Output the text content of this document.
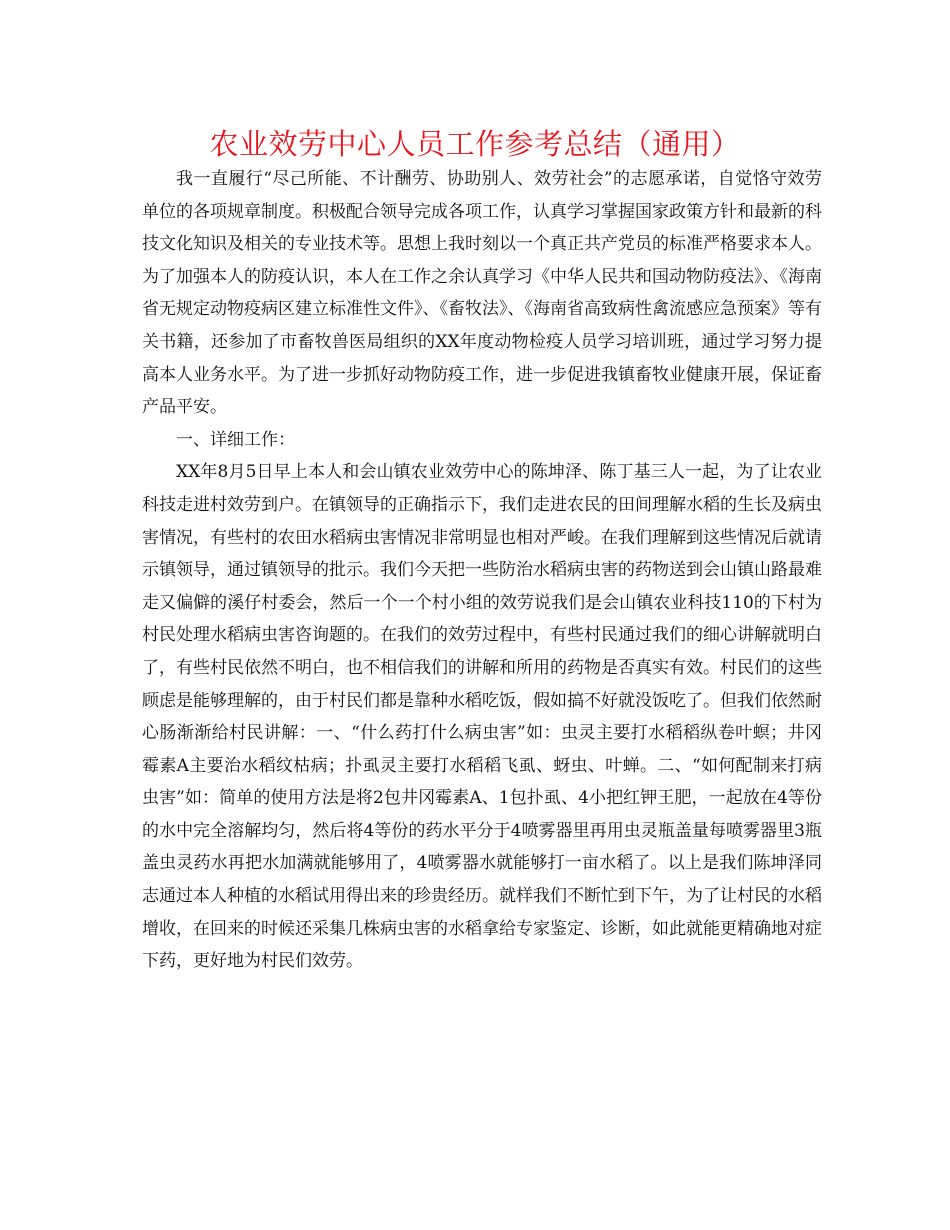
农业效劳中心人员工作参考总结（通用）

我一直履行“尽己所能、不计酬劳、协助别人、效劳社会”的志愿承诺，自觉恪守效劳单位的各项规章制度。积极配合领导完成各项工作，认真学习掌握国家政策方针和最新的科技文化知识及相关的专业技术等。思想上我时刻以一个真正共产党员的标准严格要求本人。为了加强本人的防疫认识，本人在工作之余认真学习《中华人民共和国动物防疫法》、《海南省无规定动物疫病区建立标准性文件》、《畜牧法》、《海南省高致病性禽流感应急预案》等有关书籍，还参加了市畜牧兽医局组织的XX年度动物检疫人员学习培训班，通过学习努力提高本人业务水平。为了进一步抓好动物防疫工作，进一步促进我镇畜牧业健康开展，保证畜产品平安。

一、详细工作：

XX年8月5日早上本人和会山镇农业效劳中心的陈坤泽、陈丁基三人一起，为了让农业科技走进村效劳到户。在镇领导的正确指示下，我们走进农民的田间理解水稻的生长及病虫害情况，有些村的农田水稻病虫害情况非常明显也相对严峻。在我们理解到这些情况后就请示镇领导，通过镇领导的批示。我们今天把一些防治水稻病虫害的药物送到会山镇山路最难走又偏僻的溪仔村委会，然后一个一个村小组的效劳说我们是会山镇农业科技110的下村为村民处理水稻病虫害咨询题的。在我们的效劳过程中，有些村民通过我们的细心讲解就明白了，有些村民依然不明白，也不相信我们的讲解和所用的药物是否真实有效。村民们的这些顾虑是能够理解的，由于村民们都是靠种水稻吃饭，假如搞不好就没饭吃了。但我们依然耐心肠渐渐给村民讲解：一、“什么药打什么病虫害”如：虫灵主要打水稻稻纵卷叶螟；井冈霉素A主要治水稻纹枯病；扑虱灵主要打水稻稻飞虱、蚜虫、叶蝉。二、“如何配制来打病虫害”如：简单的使用方法是将2包井冈霉素A、1包扑虱、4小把红钾王肥，一起放在4等份的水中完全溶解均匀，然后将4等份的药水平分于4喷雾器里再用虫灵瓶盖量每喷雾器里3瓶盖虫灵药水再把水加满就能够用了，4喷雾器水就能够打一亩水稻了。以上是我们陈坤泽同志通过本人种植的水稻试用得出来的珍贵经历。就样我们不断忙到下午，为了让村民的水稻增收，在回来的时候还采集几株病虫害的水稻拿给专家鉴定、诊断，如此就能更精确地对症下药，更好地为村民们效劳。
